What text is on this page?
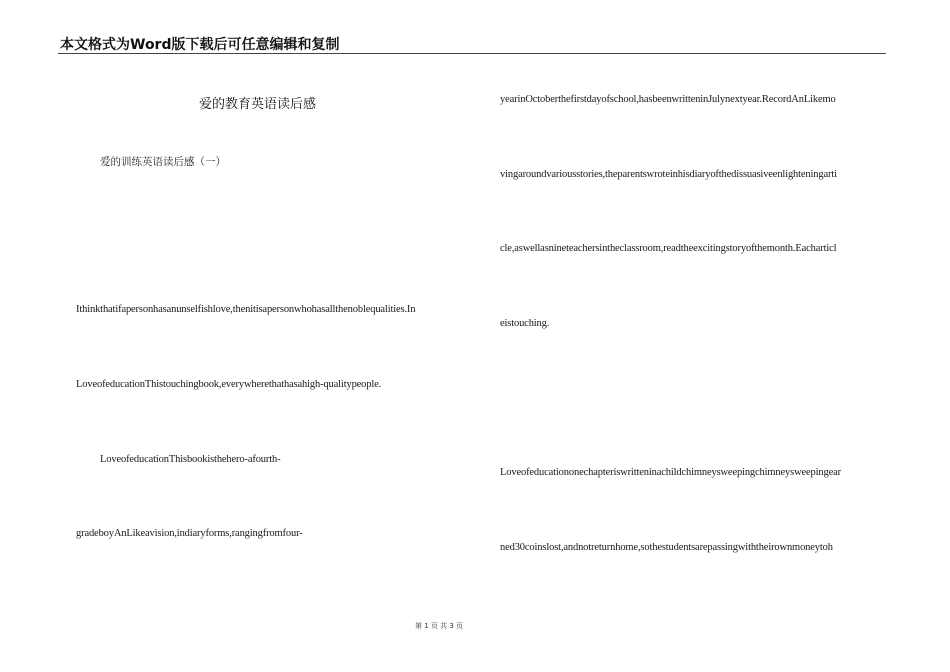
本文格式为Word版下载后可任意编辑和复制
爱的教育英语读后感
爱的训练英语读后感（一）
Ithinkthatifapersonhasanunselfishlove,thenitisapersonwhohasallthenoblequalities.In
LoveofeducationThistouchingbook,everywherethathasahigh-qualitypeople.
LoveofeducationThisbookisthehero-afourth-
gradeboyAnLikeavision,indiaryforms,rangingfromfour-
yearinOctoberthefirstdayofschool,hasbeenwritteninJulynextyear.RecordAnLikemo
vingaroundvariousstories,theparentswroteinhisdiaryofthedissuasiveenlighteningarti
cle,aswellasnineteachersintheclassroom,readtheexcitingstoryofthemonth.Eacharticl
eistouching.
Loveofeducationonechapteriswritteninachildchimneysweepingchimneysweepingear
ned30coinslost,andnotreturnhome,sothestudentsarepassingwiththeirownmoneytoh
第 1 页 共 3 页
